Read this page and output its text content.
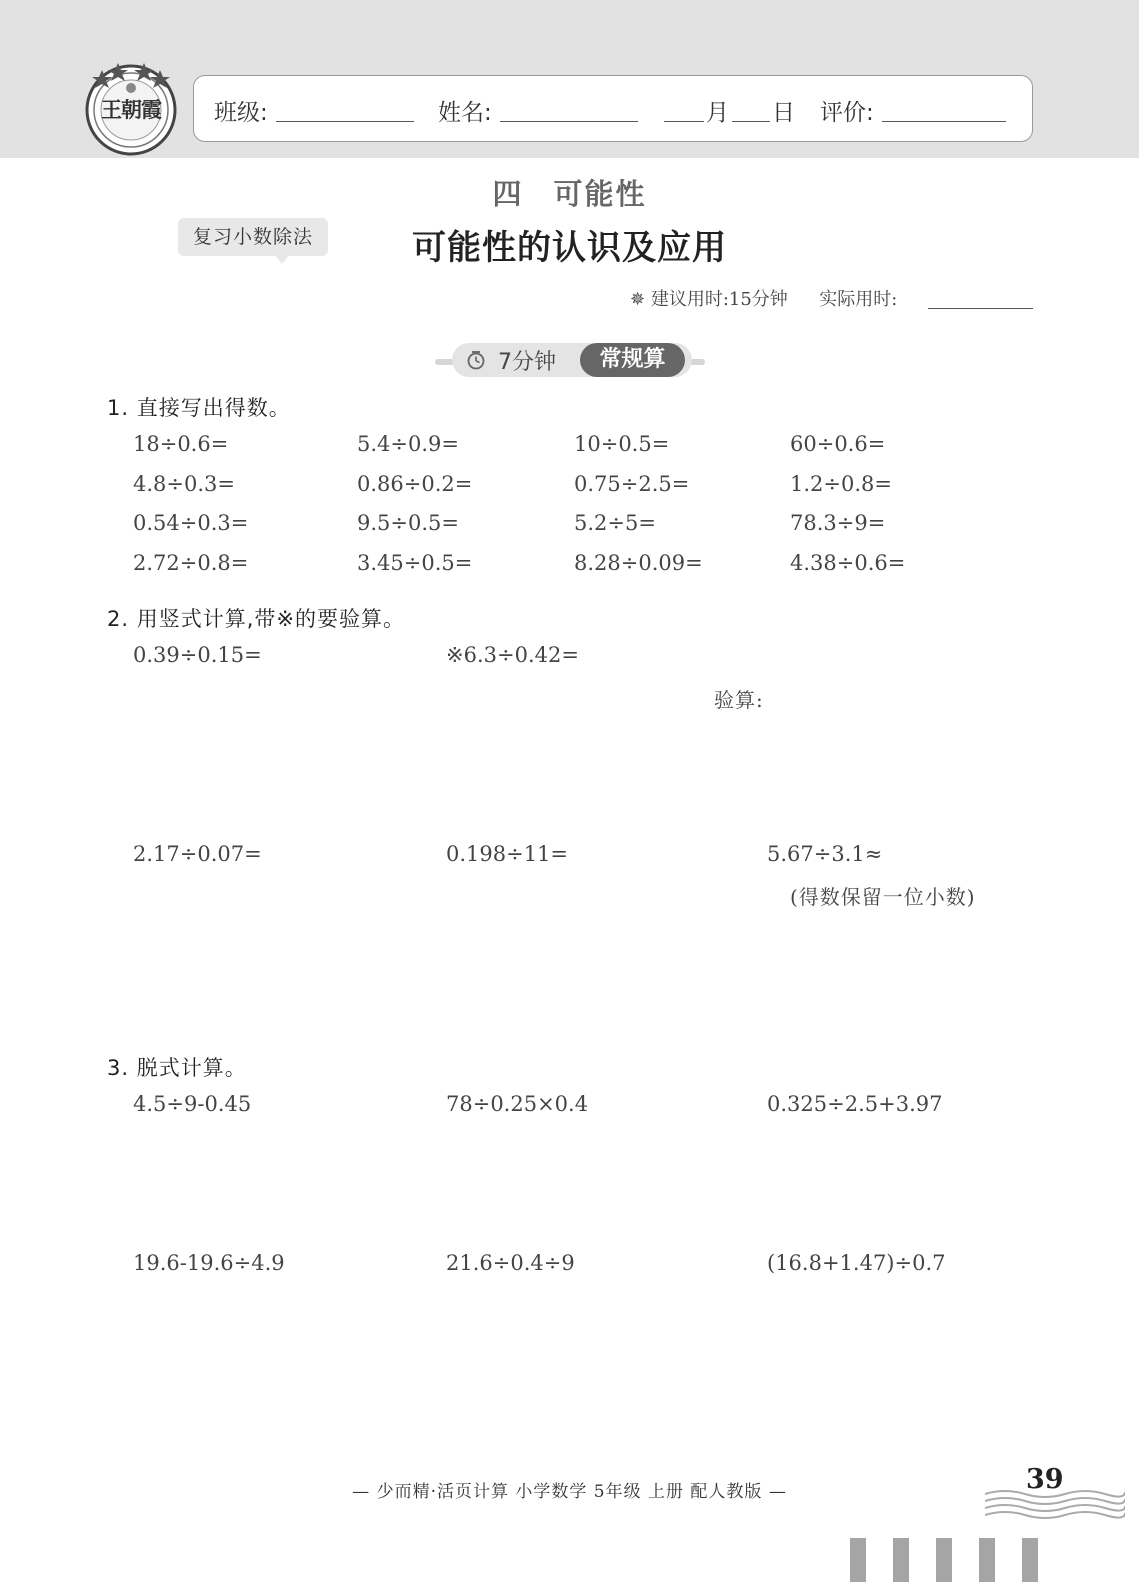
王朝霞	班级:	姓名:	月 日 评价:
四 可能性
复习小数除法	可能性的认识及应用
✵ 建议用时:15分钟 实际用时:
7分钟	常规算
1. 直接写出得数。
18÷0.6=	5.4÷0.9=	10÷0.5=	60÷0.6=
4.8÷0.3=	0.86÷0.2=	0.75÷2.5=	1.2÷0.8=
0.54÷0.3=	9.5÷0.5=	5.2÷5=	78.3÷9=
2.72÷0.8=	3.45÷0.5=	8.28÷0.09=	4.38÷0.6=
2. 用竖式计算,带※的要验算。
0.39÷0.15=	※6.3÷0.42=
验算:
2.17÷0.07=	0.198÷11=	5.67÷3.1≈
(得数保留一位小数)
3. 脱式计算。
4.5÷9-0.45	78÷0.25×0.4	0.325÷2.5+3.97
19.6-19.6÷4.9	21.6÷0.4÷9	(16.8+1.47)÷0.7
— 少而精·活页计算 小学数学 5年级 上册 配人教版 —	39
